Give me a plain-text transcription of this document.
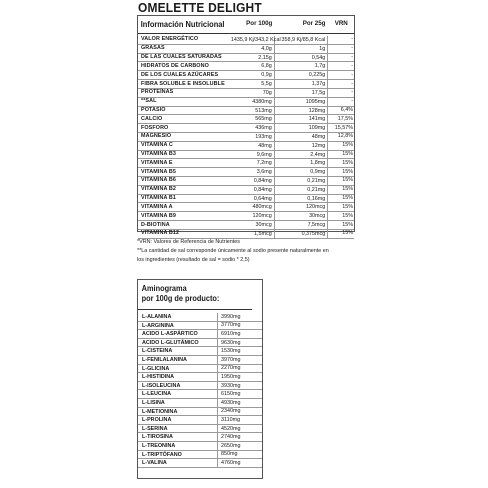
OMELETTE DELIGHT
Información Nutricional	Por 100g	Por 25g	VRN
VALOR ENERGÉTICO	1435,9 Kj/343,2 Kcal 358,9 Kj/85,8 Kcal	-
GRASAS	4,0g	1g	-
DE LAS CUALES SATURADAS	2,15g	0,54g	-
HIDRATOS DE CARBONO	6,8g	1,7g	-
DE LOS CUALES AZÚCARES	0,9g	0,225g	-
FIBRA SOLUBLE E INSOLUBLE	5,5g	1,37g	-
PROTEÍNAS	70g	17,5g	-
**SAL	4380mg	1095mg	-
POTASIO	513mg	128mg	6,4%
CALCIO	565mg	141mg	17,5%
FOSFORO	436mg	109mg	15,57%
MAGNESIO	193mg	48mg	12,8%
VITAMINA C	48mg	12mg	15%
VITAMINA B3	9,6mg	2,4mg	15%
VITAMINA E	7,2mg	1,8mg	15%
VITAMINA B5	3,6mg	0,9mg	15%
VITAMINA B6	0,84mg	0,21mg	15%
VITAMINA B2	0,84mg	0,21mg	15%
VITAMINA B1	0,64mg	0,16mg	15%
VITAMINA A	480mcg	120mcg	15%
VITAMINA B9	120mcg	30mcg	15%
D-BIOTINA	30mcg	7,5mcg	15%
VITAMINA B12	1,5mcg	0,375mcg	15%

*VRN: Valores de Referencia de Nutrientes

**La cantidad de sal corresponde únicamente al sodio presente naturalmente en

los ingredientes (resultado de sal = sodio * 2,5)

Aminograma
por 100g de producto:
L-ALANINA	3990mg
L-ARGININA	3770mg
ACIDO L-ASPÁRTICO	6910mg
ACIDO L-GLUTÁMICO	9630mg
L-CISTEINA	1530mg
L-FENILALANINA	3970mg
L-GLICINA	2270mg
L-HISTIDINA	1950mg
L-ISOLEUCINA	3930mg
L-LEUCINA	6150mg
L-LISINA	4930mg
L-METIONINA	2340mg
L-PROLINA	3110mg
L-SERINA	4520mg
L-TIROSINA	2740mg
L-TREONINA	2650mg
L-TRIPTÓFANO	850mg
L-VALINA	4760mg
